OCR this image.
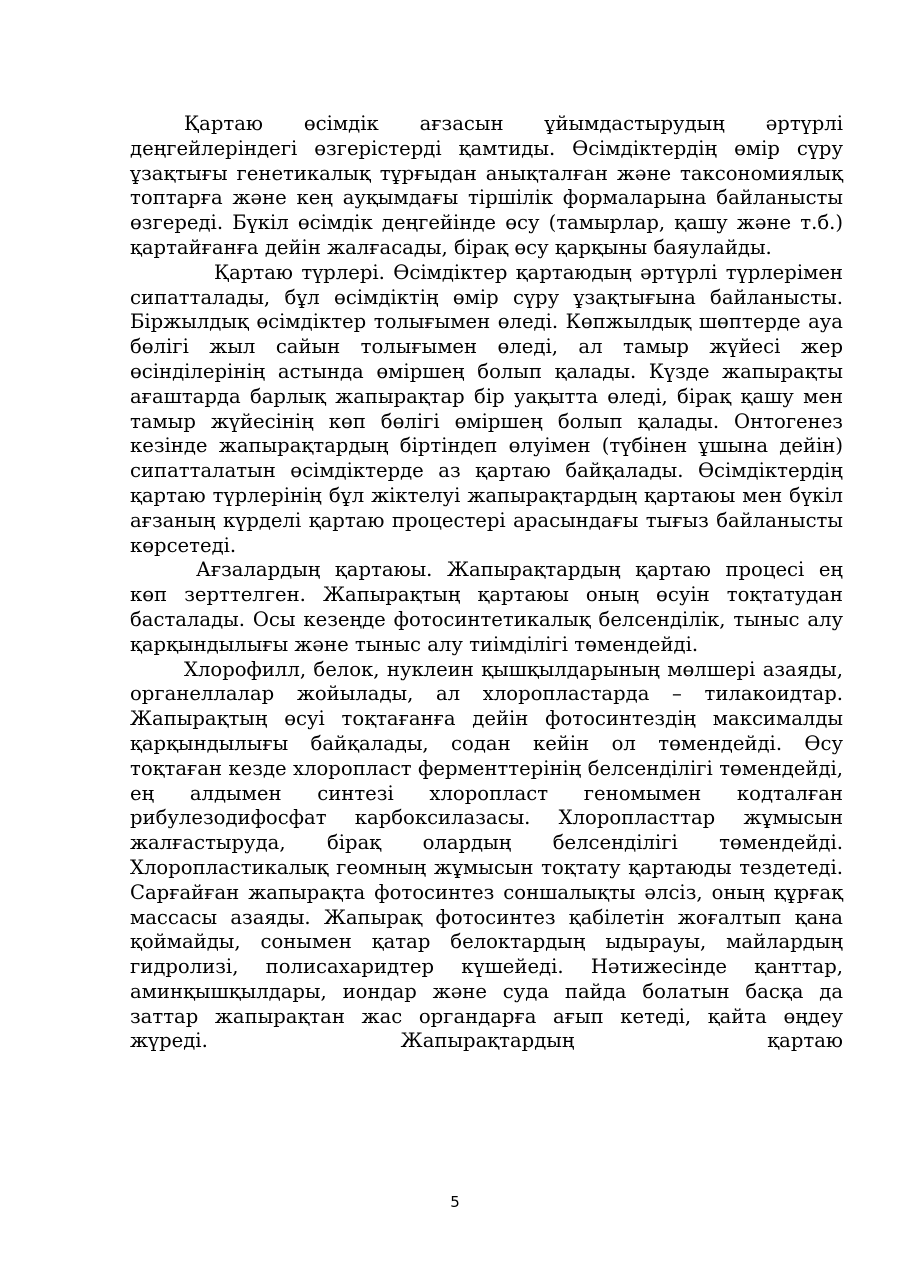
Қартаю өсімдік ағзасын ұйымдастырудың әртүрлі деңгейлеріндегі өзгерістерді қамтиды. Өсімдіктердің өмір сүру ұзақтығы генетикалық тұрғыдан анықталған және таксономиялық топтарға және кең ауқымдағы тіршілік формаларына байланысты өзгереді. Бүкіл өсімдік деңгейінде өсу (тамырлар, қашу және т.б.) қартайғанға дейін жалғасады, бірақ өсу қарқыны баяулайды.

Қартаю түрлері. Өсімдіктер қартаюдың әртүрлі түрлерімен сипатталады, бұл өсімдіктің өмір сүру ұзақтығына байланысты. Біржылдық өсімдіктер толығымен өледі. Көпжылдық шөптерде ауа бөлігі жыл сайын толығымен өледі, ал тамыр жүйесі жер өсінділерінің астында өміршең болып қалады. Күзде жапырақты ағаштарда барлық жапырақтар бір уақытта өледі, бірақ қашу мен тамыр жүйесінің көп бөлігі өміршең болып қалады. Онтогенез кезінде жапырақтардың біртіндеп өлуімен (түбінен ұшына дейін) сипатталатын өсімдіктерде аз қартаю байқалады. Өсімдіктердің қартаю түрлерінің бұл жіктелуі жапырақтардың қартаюы мен бүкіл ағзаның күрделі қартаю процестері арасындағы тығыз байланысты көрсетеді.

Ағзалардың қартаюы. Жапырақтардың қартаю процесі ең көп зерттелген. Жапырақтың қартаюы оның өсуін тоқтатудан басталады. Осы кезеңде фотосинтетикалық белсенділік, тыныс алу қарқындылығы және тыныс алу тиімділігі төмендейді.

Хлорофилл, белок, нуклеин қышқылдарының мөлшері азаяды, органеллалар жойылады, ал хлоропластарда – тилакоидтар. Жапырақтың өсуі тоқтағанға дейін фотосинтездің максималды қарқындылығы байқалады, содан кейін ол төмендейді. Өсу тоқтаған кезде хлоропласт ферменттерінің белсенділігі төмендейді, ең алдымен синтезі хлоропласт геномымен кодталған рибулезодифосфат карбоксилазасы. Хлоропласттар жұмысын жалғастыруда, бірақ олардың белсенділігі төмендейді. Хлоропластикалық геомның жұмысын тоқтату қартаюды тездетеді. Сарғайған жапырақта фотосинтез соншалықты әлсіз, оның құрғақ массасы азаяды. Жапырақ фотосинтез қабілетін жоғалтып қана қоймайды, сонымен қатар белоктардың ыдырауы, майлардың гидролизі, полисахаридтер күшейеді. Нәтижесінде қанттар, аминқышқылдары, иондар және суда пайда болатын басқа да заттар жапырақтан жас органдарға ағып кетеді, қайта өңдеу жүреді. Жапырақтардың қартаю

5
